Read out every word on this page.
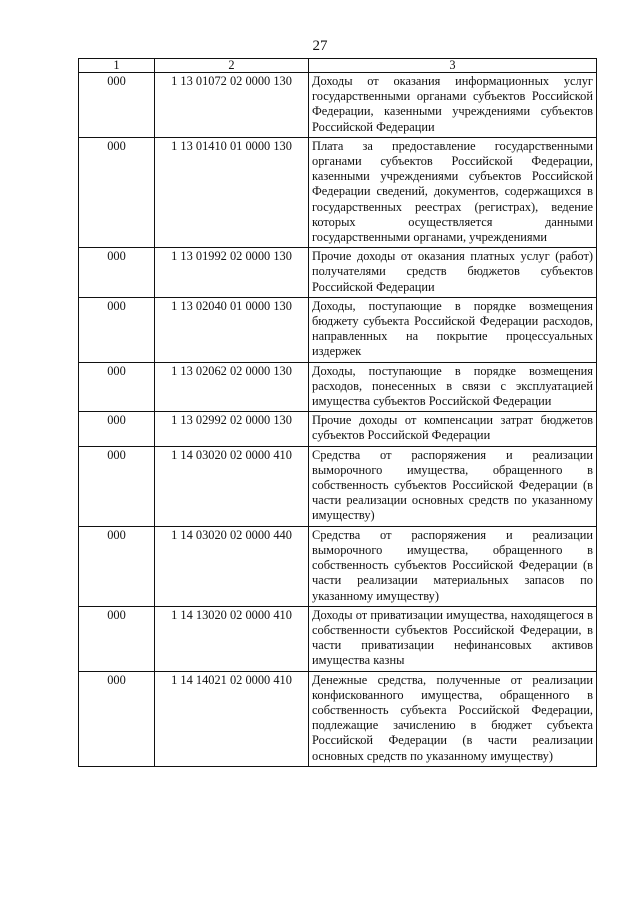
27
1	2	3
000	1 13 01072 02 0000 130	Доходы от оказания информационных услуг государственными органами субъектов Российской Федерации, казенными учреждениями субъектов Российской Федерации
000	1 13 01410 01 0000 130	Плата за предоставление государственными органами субъектов Российской Федерации, казенными учреждениями субъектов Российской Федерации сведений, документов, содержащихся в государственных реестрах (регистрах), ведение которых осуществляется данными государственными органами, учреждениями
000	1 13 01992 02 0000 130	Прочие доходы от оказания платных услуг (работ) получателями средств бюджетов субъектов Российской Федерации
000	1 13 02040 01 0000 130	Доходы, поступающие в порядке возмещения бюджету субъекта Российской Федерации расходов, направленных на покрытие процессуальных издержек
000	1 13 02062 02 0000 130	Доходы, поступающие в порядке возмещения расходов, понесенных в связи с эксплуатацией имущества субъектов Российской Федерации
000	1 13 02992 02 0000 130	Прочие доходы от компенсации затрат бюджетов субъектов Российской Федерации
000	1 14 03020 02 0000 410	Средства от распоряжения и реализации выморочного имущества, обращенного в собственность субъектов Российской Федерации (в части реализации основных средств по указанному имуществу)
000	1 14 03020 02 0000 440	Средства от распоряжения и реализации выморочного имущества, обращенного в собственность субъектов Российской Федерации (в части реализации материальных запасов по указанному имуществу)
000	1 14 13020 02 0000 410	Доходы от приватизации имущества, находящегося в собственности субъектов Российской Федерации, в части приватизации нефинансовых активов имущества казны
000	1 14 14021 02 0000 410	Денежные средства, полученные от реализации конфискованного имущества, обращенного в собственность субъекта Российской Федерации, подлежащие зачислению в бюджет субъекта Российской Федерации (в части реализации основных средств по указанному имуществу)
